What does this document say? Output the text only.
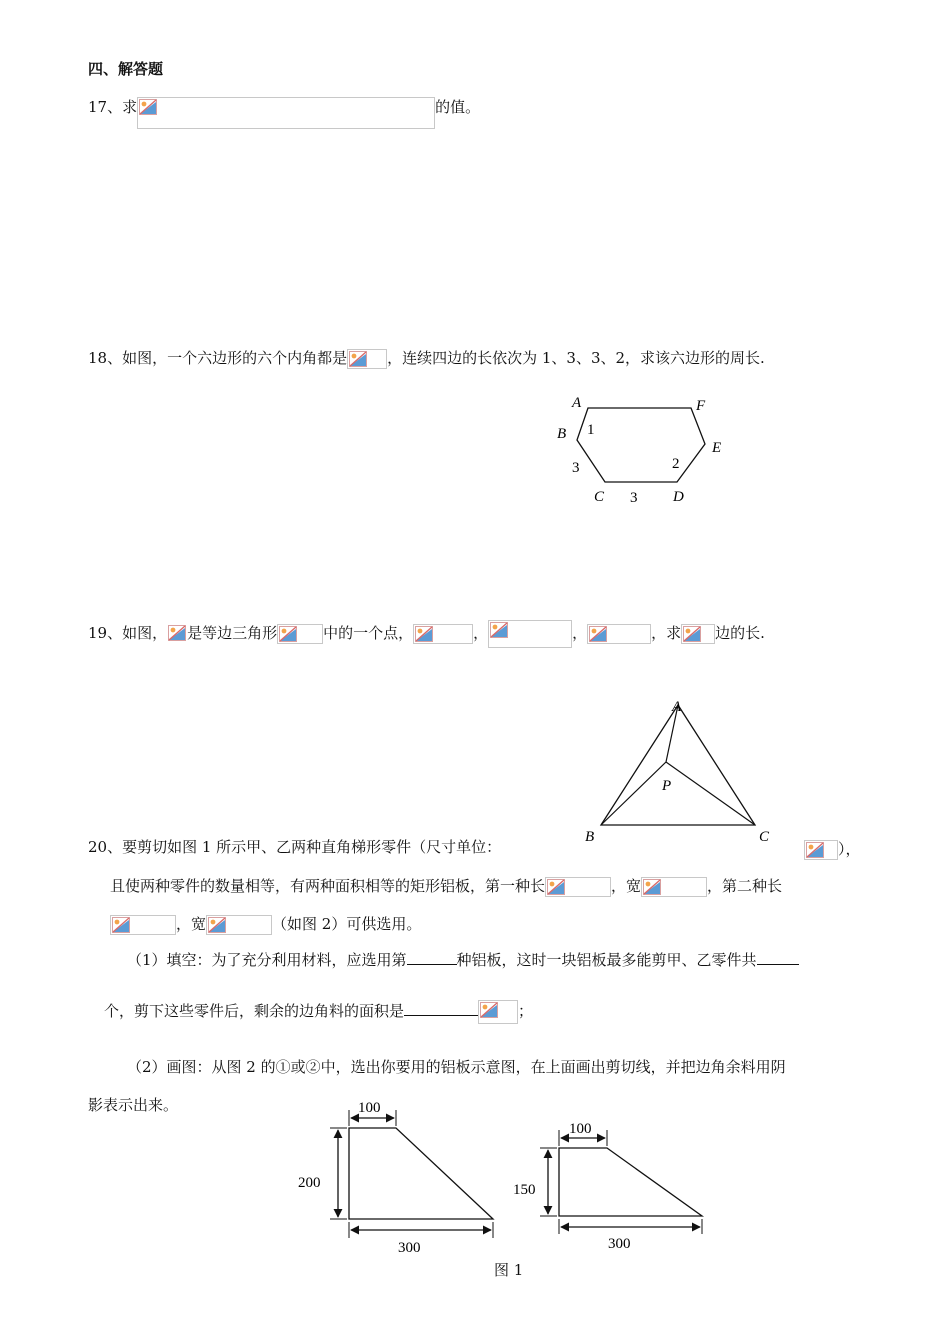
四、解答题
17、求	的值。
18、如图，一个六边形的六个内角都是	，连续四边的长依次为 1、3、3、2，求该六边形的周长.
A
B
C	D
E
F
1
3
3
2
19、如图， 是等边三角形	中的一个点，	，	，	，求 边的长.
A
B	C
P
20、要剪切如图 1 所示甲、乙两种直角梯形零件（尺寸单位：	），
且使两种零件的数量相等，有两种面积相等的矩形铝板，第一种长	，宽	，第二种长
，宽	（如图 2）可供选用。
（1）填空：为了充分利用材料，应选用第	种铝板，这时一块铝板最多能剪甲、乙零件共
个，剪下这些零件后，剩余的边角料的面积是	；
（2）画图：从图 2 的①或②中，选出你要用的铝板示意图，在上面画出剪切线，并把边角余料用阴
影表示出来。	100
200
300
100
150
300
图 1
